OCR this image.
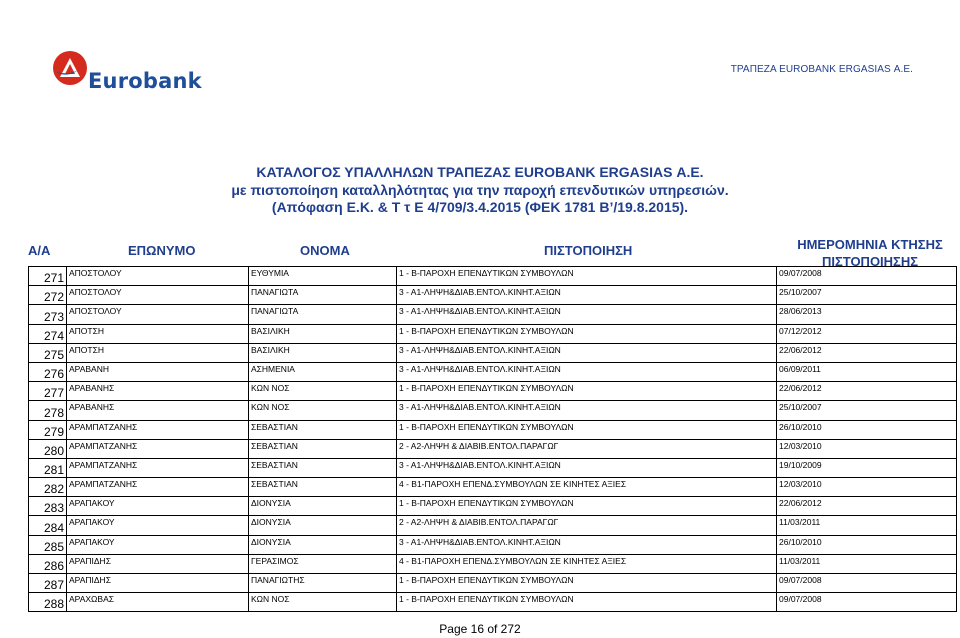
Eurobank	ΤΡΑΠΕΖΑ EUROBANK ERGASIAS Α.Ε.
ΚΑΤΑΛΟΓΟΣ ΥΠΑΛΛΗΛΩΝ ΤΡΑΠΕΖΑΣ EUROBANK ERGASIAS Α.Ε.
με πιστοποίηση καταλληλότητας για την παροχή επενδυτικών υπηρεσιών.
(Απόφαση Ε.Κ. & Τ τ Ε 4/709/3.4.2015 (ΦΕΚ 1781 Β’/19.8.2015).
Α/Α	ΕΠΩΝΥΜΟ	ΟΝΟΜΑ	ΠΙΣΤΟΠΟΙΗΣΗ	ΗΜΕΡΟΜΗΝΙΑ ΚΤΗΣΗΣ
ΠΙΣΤΟΠΟΙΗΣΗΣ
271	ΑΠΟΣΤΟΛΟΥ	ΕΥΘΥΜΙΑ	1 - Β-ΠΑΡΟΧΗ ΕΠΕΝΔΥΤΙΚΩΝ ΣΥΜΒΟΥΛΩΝ	09/07/2008
272	ΑΠΟΣΤΟΛΟΥ	ΠΑΝΑΓΙΩΤΑ	3 - Α1-ΛΗΨΗ&ΔΙΑΒ.ΕΝΤΟΛ.ΚΙΝΗΤ.ΑΞΙΩΝ	25/10/2007
273	ΑΠΟΣΤΟΛΟΥ	ΠΑΝΑΓΙΩΤΑ	3 - Α1-ΛΗΨΗ&ΔΙΑΒ.ΕΝΤΟΛ.ΚΙΝΗΤ.ΑΞΙΩΝ	28/06/2013
274	ΑΠΟΤΣΗ	ΒΑΣΙΛΙΚΗ	1 - Β-ΠΑΡΟΧΗ ΕΠΕΝΔΥΤΙΚΩΝ ΣΥΜΒΟΥΛΩΝ	07/12/2012
275	ΑΠΟΤΣΗ	ΒΑΣΙΛΙΚΗ	3 - Α1-ΛΗΨΗ&ΔΙΑΒ.ΕΝΤΟΛ.ΚΙΝΗΤ.ΑΞΙΩΝ	22/06/2012
276	ΑΡΑΒΑΝΗ	ΑΣΗΜΕΝΙΑ	3 - Α1-ΛΗΨΗ&ΔΙΑΒ.ΕΝΤΟΛ.ΚΙΝΗΤ.ΑΞΙΩΝ	06/09/2011
277	ΑΡΑΒΑΝΗΣ	ΚΩΝ ΝΟΣ	1 - Β-ΠΑΡΟΧΗ ΕΠΕΝΔΥΤΙΚΩΝ ΣΥΜΒΟΥΛΩΝ	22/06/2012
278	ΑΡΑΒΑΝΗΣ	ΚΩΝ ΝΟΣ	3 - Α1-ΛΗΨΗ&ΔΙΑΒ.ΕΝΤΟΛ.ΚΙΝΗΤ.ΑΞΙΩΝ	25/10/2007
279	ΑΡΑΜΠΑΤΖΑΝΗΣ	ΣΕΒΑΣΤΙΑΝ	1 - Β-ΠΑΡΟΧΗ ΕΠΕΝΔΥΤΙΚΩΝ ΣΥΜΒΟΥΛΩΝ	26/10/2010
280	ΑΡΑΜΠΑΤΖΑΝΗΣ	ΣΕΒΑΣΤΙΑΝ	2 - Α2-ΛΗΨΗ & ΔΙΑΒΙΒ.ΕΝΤΟΛ.ΠΑΡΑΓΩΓ	12/03/2010
281	ΑΡΑΜΠΑΤΖΑΝΗΣ	ΣΕΒΑΣΤΙΑΝ	3 - Α1-ΛΗΨΗ&ΔΙΑΒ.ΕΝΤΟΛ.ΚΙΝΗΤ.ΑΞΙΩΝ	19/10/2009
282	ΑΡΑΜΠΑΤΖΑΝΗΣ	ΣΕΒΑΣΤΙΑΝ	4 - Β1-ΠΑΡΟΧΗ ΕΠΕΝΔ.ΣΥΜΒΟΥΛΩΝ ΣΕ ΚΙΝΗΤΕΣ ΑΞΙΕΣ	12/03/2010
283	ΑΡΑΠΑΚΟΥ	ΔΙΟΝΥΣΙΑ	1 - Β-ΠΑΡΟΧΗ ΕΠΕΝΔΥΤΙΚΩΝ ΣΥΜΒΟΥΛΩΝ	22/06/2012
284	ΑΡΑΠΑΚΟΥ	ΔΙΟΝΥΣΙΑ	2 - Α2-ΛΗΨΗ & ΔΙΑΒΙΒ.ΕΝΤΟΛ.ΠΑΡΑΓΩΓ	11/03/2011
285	ΑΡΑΠΑΚΟΥ	ΔΙΟΝΥΣΙΑ	3 - Α1-ΛΗΨΗ&ΔΙΑΒ.ΕΝΤΟΛ.ΚΙΝΗΤ.ΑΞΙΩΝ	26/10/2010
286	ΑΡΑΠΙΔΗΣ	ΓΕΡΑΣΙΜΟΣ	4 - Β1-ΠΑΡΟΧΗ ΕΠΕΝΔ.ΣΥΜΒΟΥΛΩΝ ΣΕ ΚΙΝΗΤΕΣ ΑΞΙΕΣ	11/03/2011
287	ΑΡΑΠΙΔΗΣ	ΠΑΝΑΓΙΩΤΗΣ	1 - Β-ΠΑΡΟΧΗ ΕΠΕΝΔΥΤΙΚΩΝ ΣΥΜΒΟΥΛΩΝ	09/07/2008
288	ΑΡΑΧΩΒΑΣ	ΚΩΝ ΝΟΣ	1 - Β-ΠΑΡΟΧΗ ΕΠΕΝΔΥΤΙΚΩΝ ΣΥΜΒΟΥΛΩΝ	09/07/2008
Page 16 of 272
